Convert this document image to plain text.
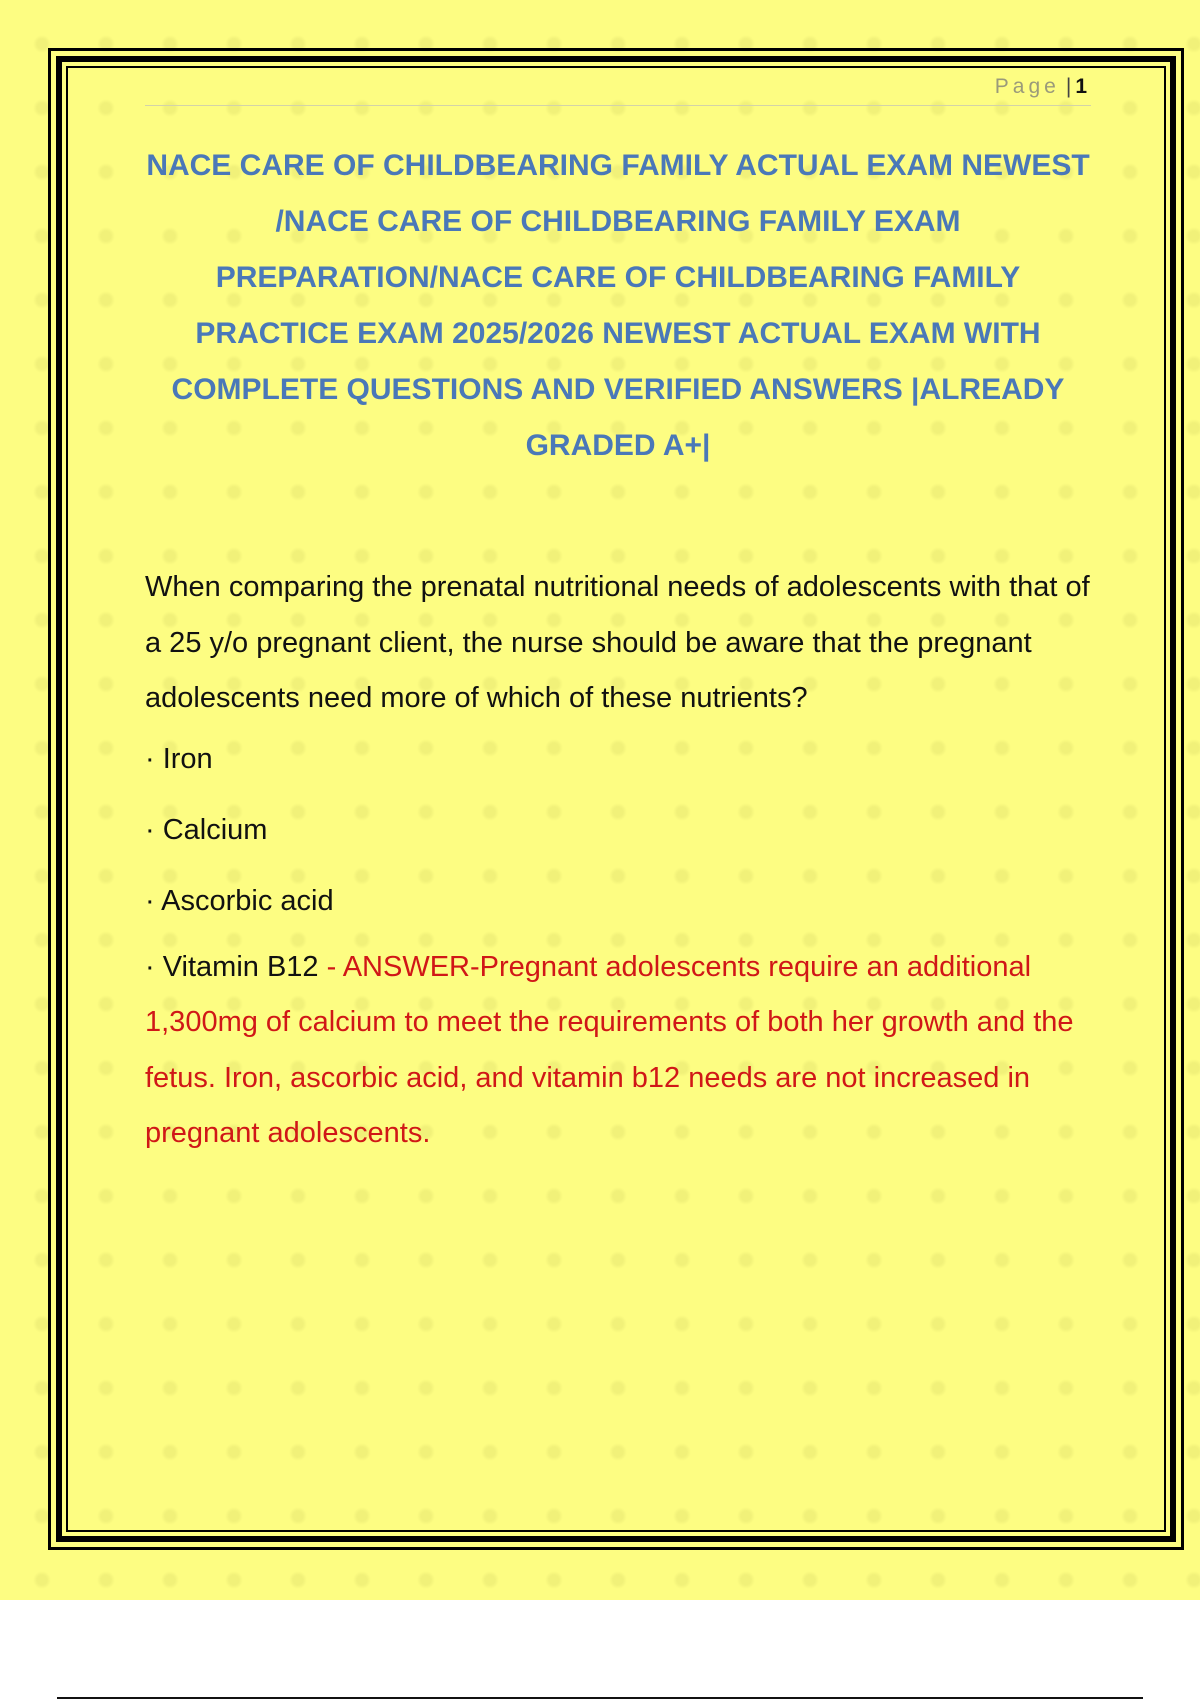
Page | 1
NACE CARE OF CHILDBEARING FAMILY ACTUAL EXAM NEWEST /NACE CARE OF CHILDBEARING FAMILY EXAM PREPARATION/NACE CARE OF CHILDBEARING FAMILY PRACTICE EXAM 2025/2026 NEWEST ACTUAL EXAM WITH COMPLETE QUESTIONS AND VERIFIED ANSWERS |ALREADY GRADED A+|

When comparing the prenatal nutritional needs of adolescents with that of a 25 y/o pregnant client, the nurse should be aware that the pregnant adolescents need more of which of these nutrients?

· Iron

· Calcium

· Ascorbic acid

· Vitamin B12 - ANSWER-Pregnant adolescents require an additional 1,300mg of calcium to meet the requirements of both her growth and the fetus. Iron, ascorbic acid, and vitamin b12 needs are not increased in pregnant adolescents.
